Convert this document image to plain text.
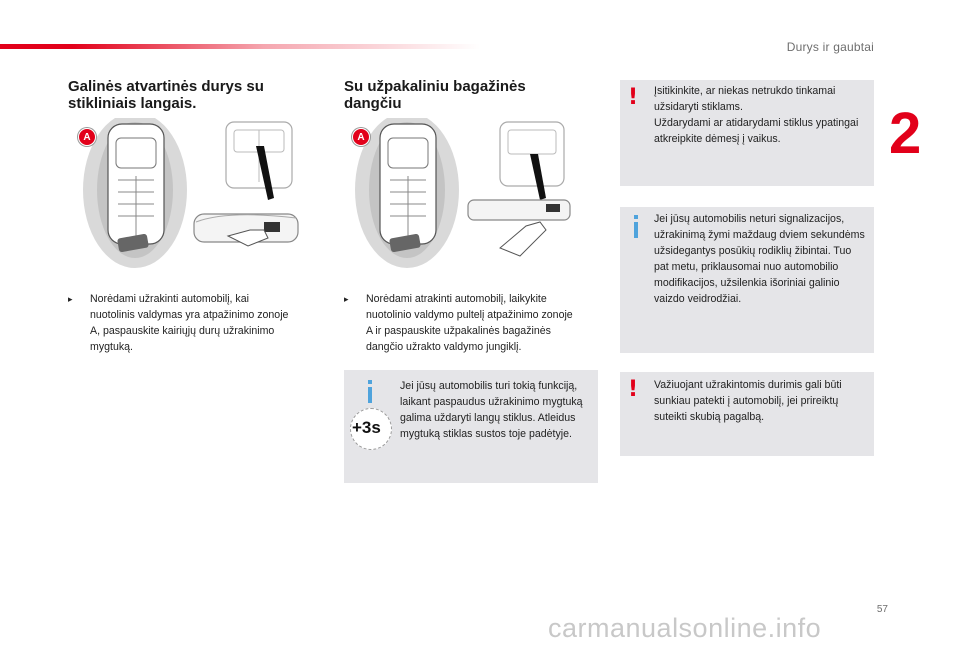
Durys ir gaubtai
2
Galinės atvartinės durys su stikliniais langais.
A
▸	Norėdami užrakinti automobilį, kai nuotolinis valdymas yra atpažinimo zonoje A, paspauskite kairiųjų durų užrakinimo mygtuką.
Su užpakaliniu bagažinės dangčiu
A
▸	Norėdami atrakinti automobilį, laikykite nuotolinio valdymo pultelį atpažinimo zonoje A ir paspauskite užpakalinės bagažinės dangčio užrakto valdymo jungiklį.
+3s
Jei jūsų automobilis turi tokią funkciją, laikant paspaudus užrakinimo mygtuką galima uždaryti langų stiklus. Atleidus mygtuką stiklas sustos toje padėtyje.
! Įsitikinkite, ar niekas netrukdo tinkamai užsidaryti stiklams.
Uždarydami ar atidarydami stiklus ypatingai atkreipkite dėmesį į vaikus.
Jei jūsų automobilis neturi signalizacijos, užrakinimą žymi maždaug dviem sekundėms užsidegantys posūkių rodiklių žibintai. Tuo pat metu, priklausomai nuo automobilio modifikacijos, užsilenkia išoriniai galinio vaizdo veidrodžiai.
! Važiuojant užrakintomis durimis gali būti sunkiau patekti į automobilį, jei prireiktų suteikti skubią pagalbą.
57
carmanualsonline.info
